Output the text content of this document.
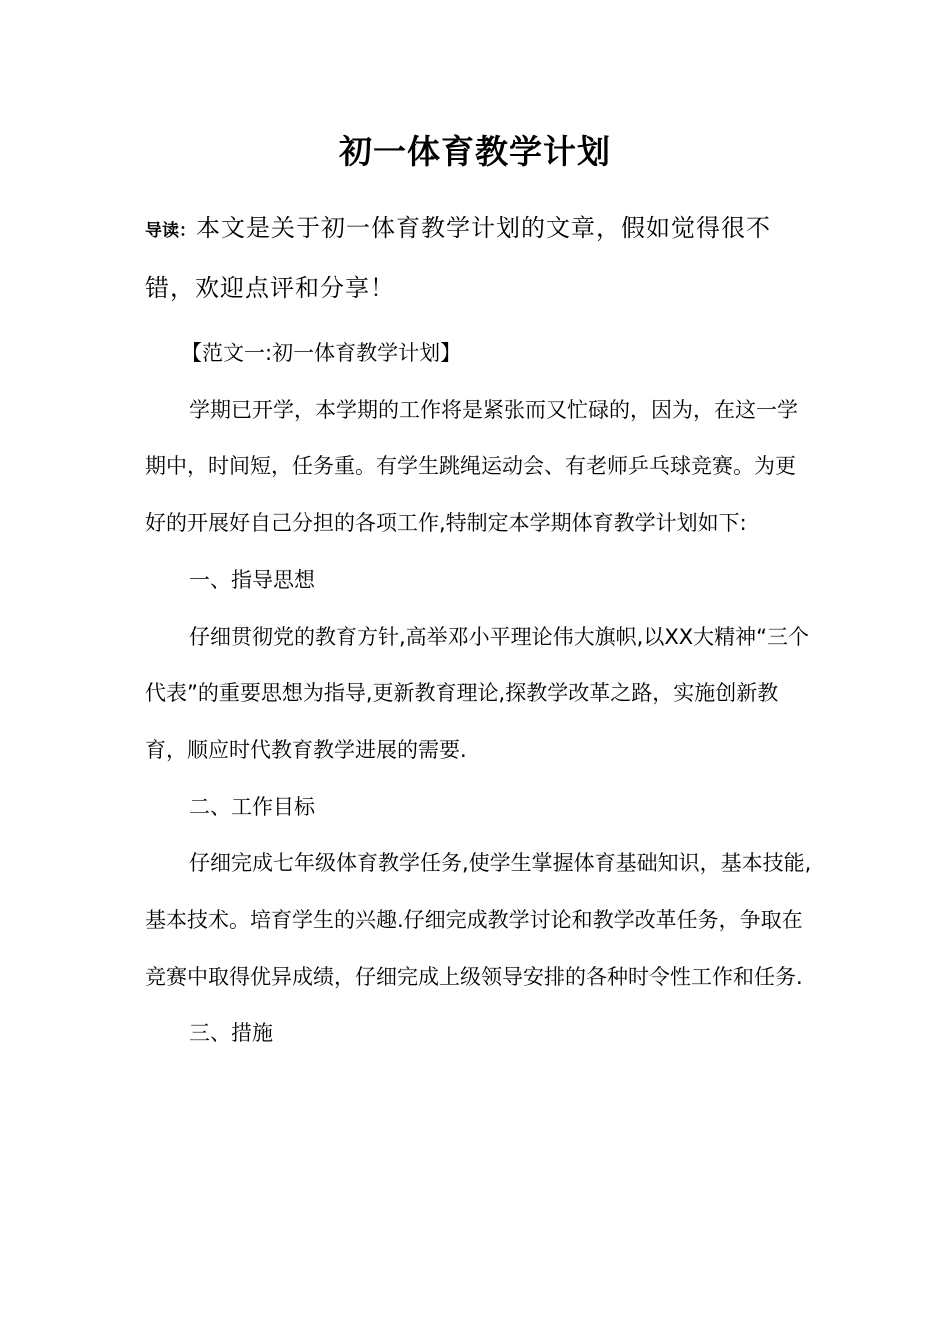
初一体育教学计划
导读：本文是关于初一体育教学计划的文章，假如觉得很不错，欢迎点评和分享！

【范文一:初一体育教学计划】

学期已开学，本学期的工作将是紧张而又忙碌的，因为，在这一学期中，时间短，任务重。有学生跳绳运动会、有老师乒乓球竞赛。为更好的开展好自己分担的各项工作,特制定本学期体育教学计划如下:

一、指导思想

仔细贯彻党的教育方针,高举邓小平理论伟大旗帜,以XX大精神“三个代表”的重要思想为指导,更新教育理论,探教学改革之路，实施创新教育，顺应时代教育教学进展的需要.

二、工作目标

仔细完成七年级体育教学任务,使学生掌握体育基础知识，基本技能,基本技术。培育学生的兴趣.仔细完成教学讨论和教学改革任务，争取在竞赛中取得优异成绩，仔细完成上级领导安排的各种时令性工作和任务.

三、措施
